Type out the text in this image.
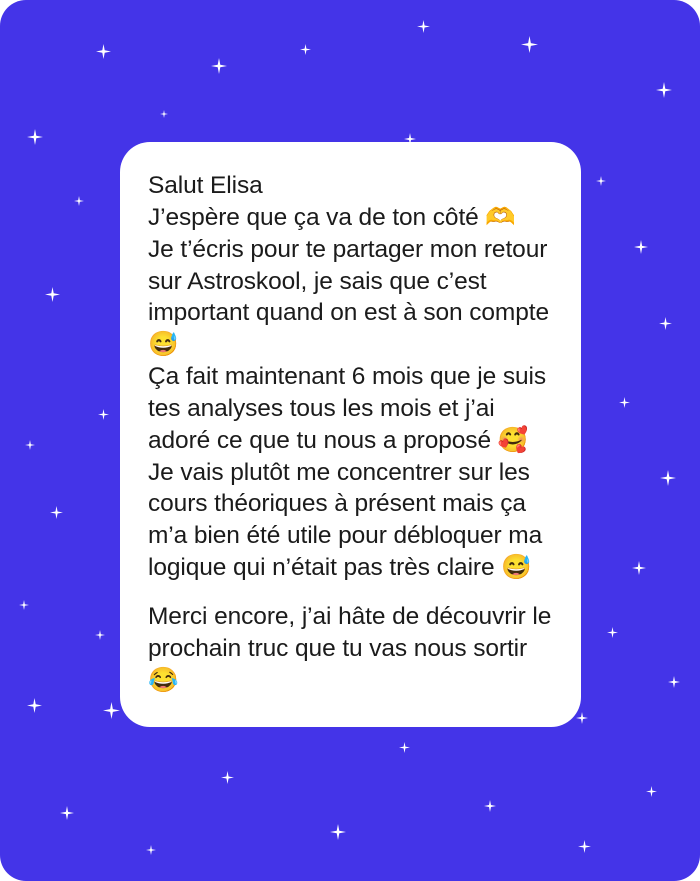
Salut Elisa

J’espère que ça va de ton côté 🫶

Je t’écris pour te partager mon retour sur Astroskool, je sais que c’est important quand on est à son compte 😅

Ça fait maintenant 6 mois que je suis tes analyses tous les mois et j’ai adoré ce que tu nous a proposé 🥰

Je vais plutôt me concentrer sur les cours théoriques à présent mais ça m’a bien été utile pour débloquer ma logique qui n’était pas très claire 😅

Merci encore, j’ai hâte de découvrir le prochain truc que tu vas nous sortir 😂
